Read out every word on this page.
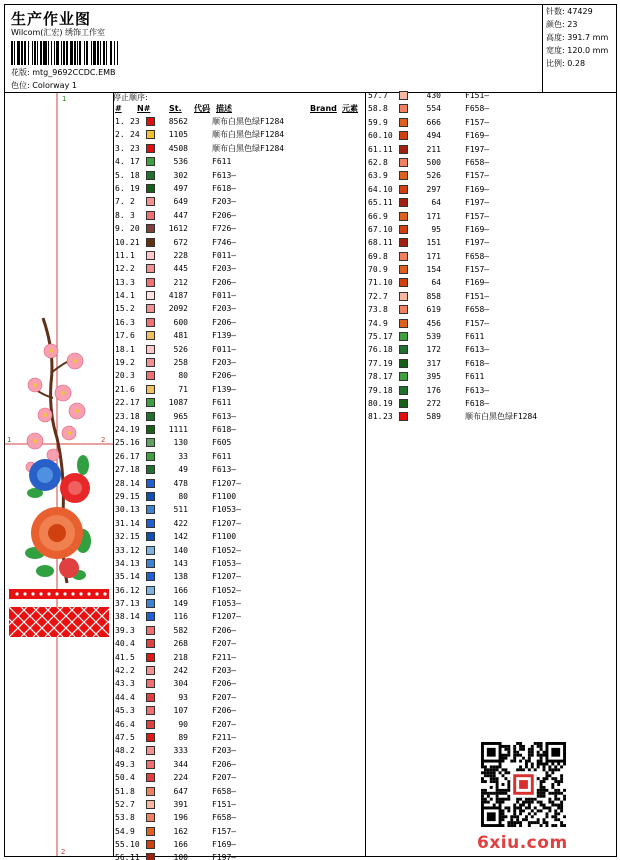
生产作业图
Wilcom(汇宏) 绣饰工作室
花版: mtg_9692CCDC.EMB
色位: Colorway 1
针数: 47429
颜色: 23
高度: 391.7 mm
宽度: 120.0 mm
比例: 0.28
1
1	2
2
停止顺序:
# N# St. 代码 描述	Brand 元素
1. 23	8562	顺布白黑色绿F1284
2. 24	1105	顺布白黑色绿F1284
3. 23	4508	顺布白黑色绿F1284
4. 17	536	F611
5. 18	302	F613–
6. 19	497	F618–
7. 2	649	F203–
8. 3	447	F206–
9. 20	1612	F726–
10. 21	672	F746–
11. 1	228	F011–
12. 2	445	F203–
13. 3	212	F206–
14. 1	4187	F011–
15. 2	2092	F203–
16. 3	600	F206–
17. 6	481	F139–
18. 1	526	F011–
19. 2	258	F203–
20. 3	80	F206–
21. 6	71	F139–
22. 17	1087	F611
23. 18	965	F613–
24. 19	1111	F618–
25. 16	130	F605
26. 17	33	F611
27. 18	49	F613–
28. 14	478	F1207–
29. 15	80	F1100
30. 13	511	F1053–
31. 14	422	F1207–
32. 15	142	F1100
33. 12	140	F1052–
34. 13	143	F1053–
35. 14	138	F1207–
36. 12	166	F1052–
37. 13	149	F1053–
38. 14	116	F1207–
39. 3	582	F206–
40. 4	268	F207–
41. 5	218	F211–
42. 2	242	F203–
43. 3	304	F206–
44. 4	93	F207–
45. 3	107	F206–
46. 4	90	F207–
47. 5	89	F211–
48. 2	333	F203–
49. 3	344	F206–
50. 4	224	F207–
51. 8	647	F658–
52. 7	391	F151–
53. 8	196	F658–
54. 9	162	F157–
55. 10	166	F169–
56. 11	100	F197–
57. 7	430	F151–
58. 8	554	F658–
59. 9	666	F157–
60. 10	494	F169–
61. 11	211	F197–
62. 8	500	F658–
63. 9	526	F157–
64. 10	297	F169–
65. 11	64	F197–
66. 9	171	F157–
67. 10	95	F169–
68. 11	151	F197–
69. 8	171	F658–
70. 9	154	F157–
71. 10	64	F169–
72. 7	858	F151–
73. 8	619	F658–
74. 9	456	F157–
75. 17	539	F611
76. 18	172	F613–
77. 19	317	F618–
78. 17	395	F611
79. 18	176	F613–
80. 19	272	F618–
81. 23	589	顺布白黑色绿F1284
6xiu.com
